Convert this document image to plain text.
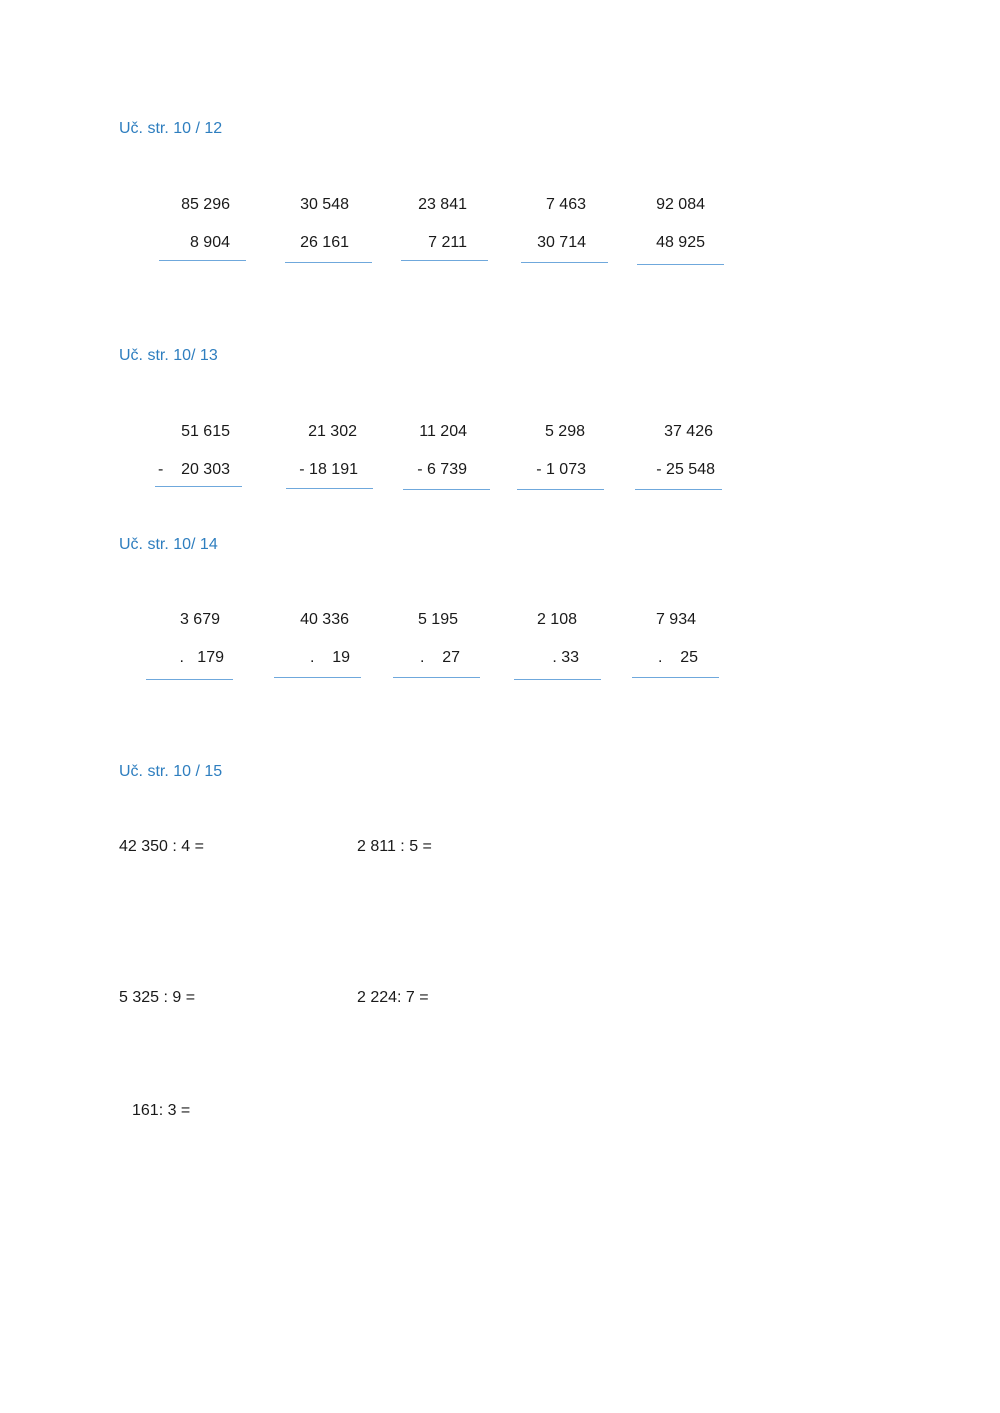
Uč. str. 10 / 12
85 296
8 904
30 548
26 161
23 841
7 211
7 463
30 714
92 084
48 925
Uč. str. 10/ 13
51 615
-    20 303
21 302
- 18 191
11 204
- 6 739
5 298
- 1 073
37 426
- 25 548
Uč. str. 10/ 14
3 679
.   179
40 336
.    19
5 195
.    27
2 108
. 33
7 934
.    25
Uč. str. 10 / 15
42 350 : 4 =	2 811 : 5 =
5 325 : 9 =	2 224: 7 =
161: 3 =
